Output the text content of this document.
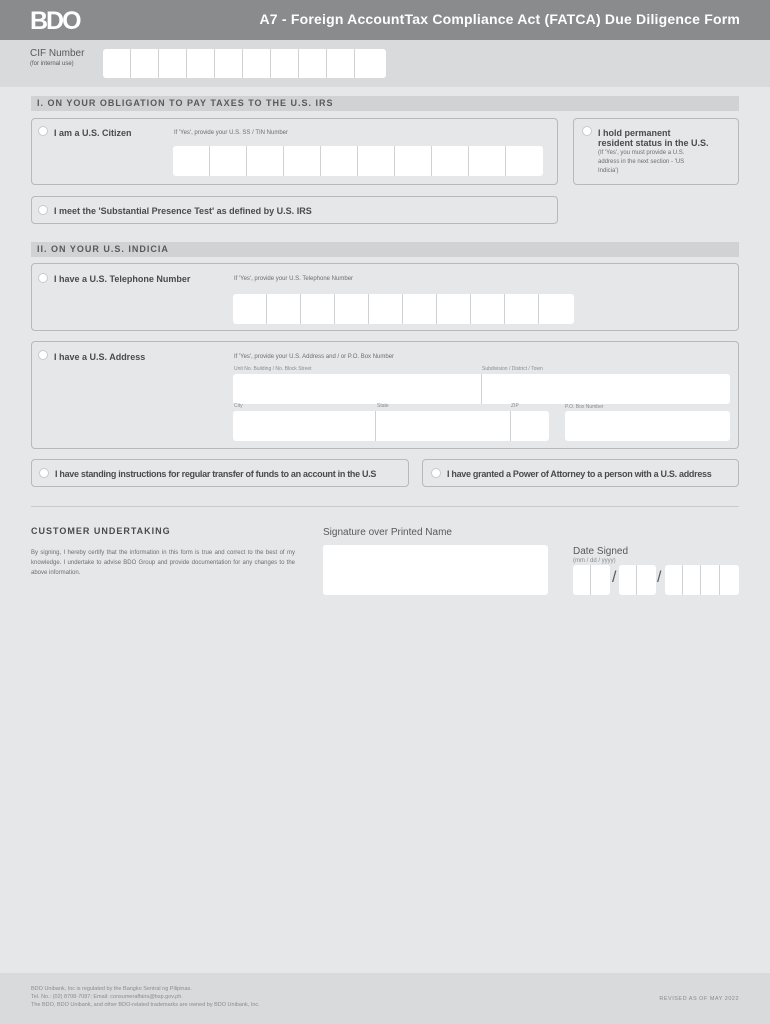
BDO	A7 - Foreign AccountTax Compliance Act (FATCA) Due Diligence Form
CIF Number
(for internal use)
I. ON YOUR OBLIGATION TO PAY TAXES TO THE U.S. IRS
I am a U.S. Citizen	If 'Yes', provide your U.S. SS / TIN Number	I hold permanent
resident status in the U.S.
(If 'Yes', you must provide a U.S.
address in the next section - 'US
Indicia')
I meet the 'Substantial Presence Test' as defined by U.S. IRS
II. ON YOUR U.S. INDICIA
I have a U.S. Telephone Number	If 'Yes', provide your U.S. Telephone Number
I have a U.S. Address	If 'Yes', provide your U.S. Address and / or P.O. Box Number
Unit No. Building / No. Block Street	Subdivision / District / Town
City	State	ZIP	P.O. Box Number
I have standing instructions for regular transfer of funds to an account in the U.S	I have granted a Power of Attorney to a person with a U.S. address
CUSTOMER UNDERTAKING
By signing, I hereby certify that the information in this form is true and correct to the best of my knowledge. I undertake to advise BDO Group and provide documentation for any changes to the above information.
Signature over Printed Name
Date Signed
(mm / dd / yyyy)
/	/
BDO Unibank, Inc is regulated by the Bangko Sentral ng Pilipinas.
Tel. No.: (02) 8708-7087; Email: consumeraffairs@bsp.gov.ph.
The BDO, BDO Unibank, and other BDO-related trademarks are owned by BDO Unibank, Inc.
REVISED AS OF MAY 2022
